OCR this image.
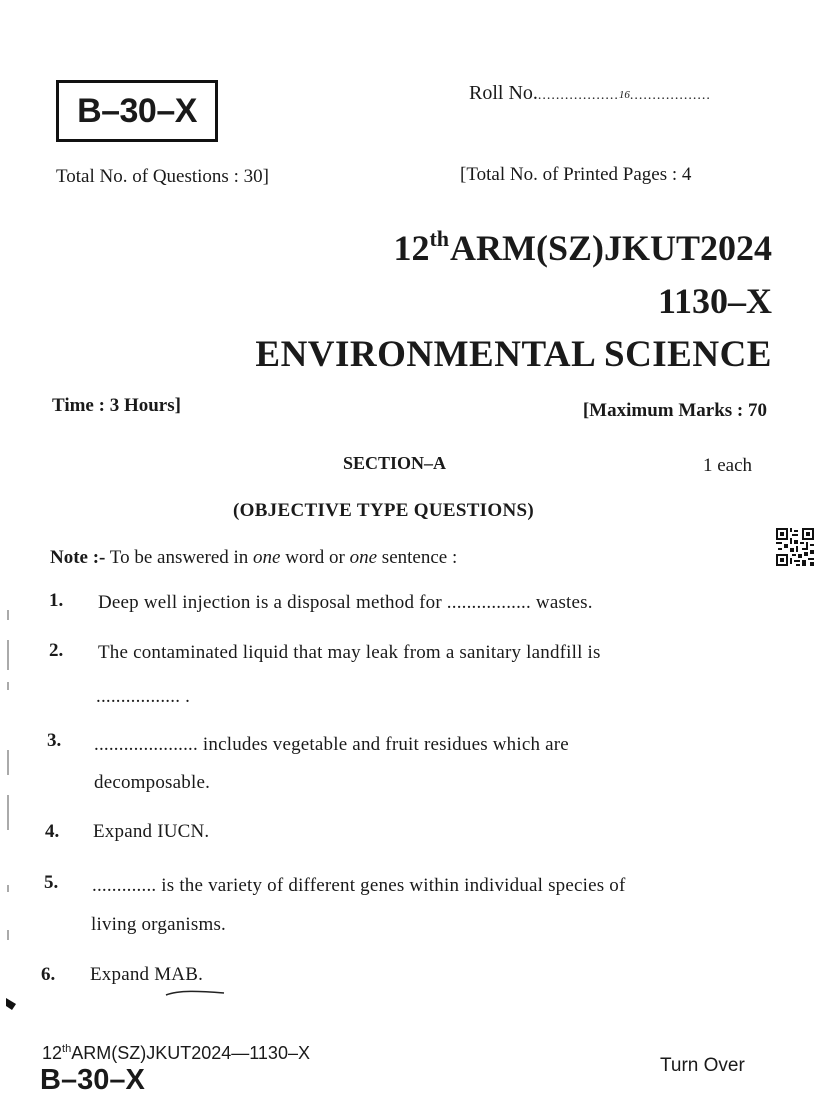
B–30–X	Roll No...................16..................
Total No. of Questions : 30]	[Total No. of Printed Pages : 4
12thARM(SZ)JKUT2024
1130–X
ENVIRONMENTAL SCIENCE
Time : 3 Hours]	[Maximum Marks : 70
SECTION–A	1 each
(OBJECTIVE TYPE QUESTIONS)
Note :- To be answered in one word or one sentence :
1. Deep well injection is a disposal method for ................. wastes.
2. The contaminated liquid that may leak from a sanitary landfill is
................. .
3. ..................... includes vegetable and fruit residues which are
decomposable.
4. Expand IUCN.
5. ............. is the variety of different genes within individual species of
living organisms.
6. Expand MAB.
12thARM(SZ)JKUT2024—1130–X
B–30–X	Turn Over
